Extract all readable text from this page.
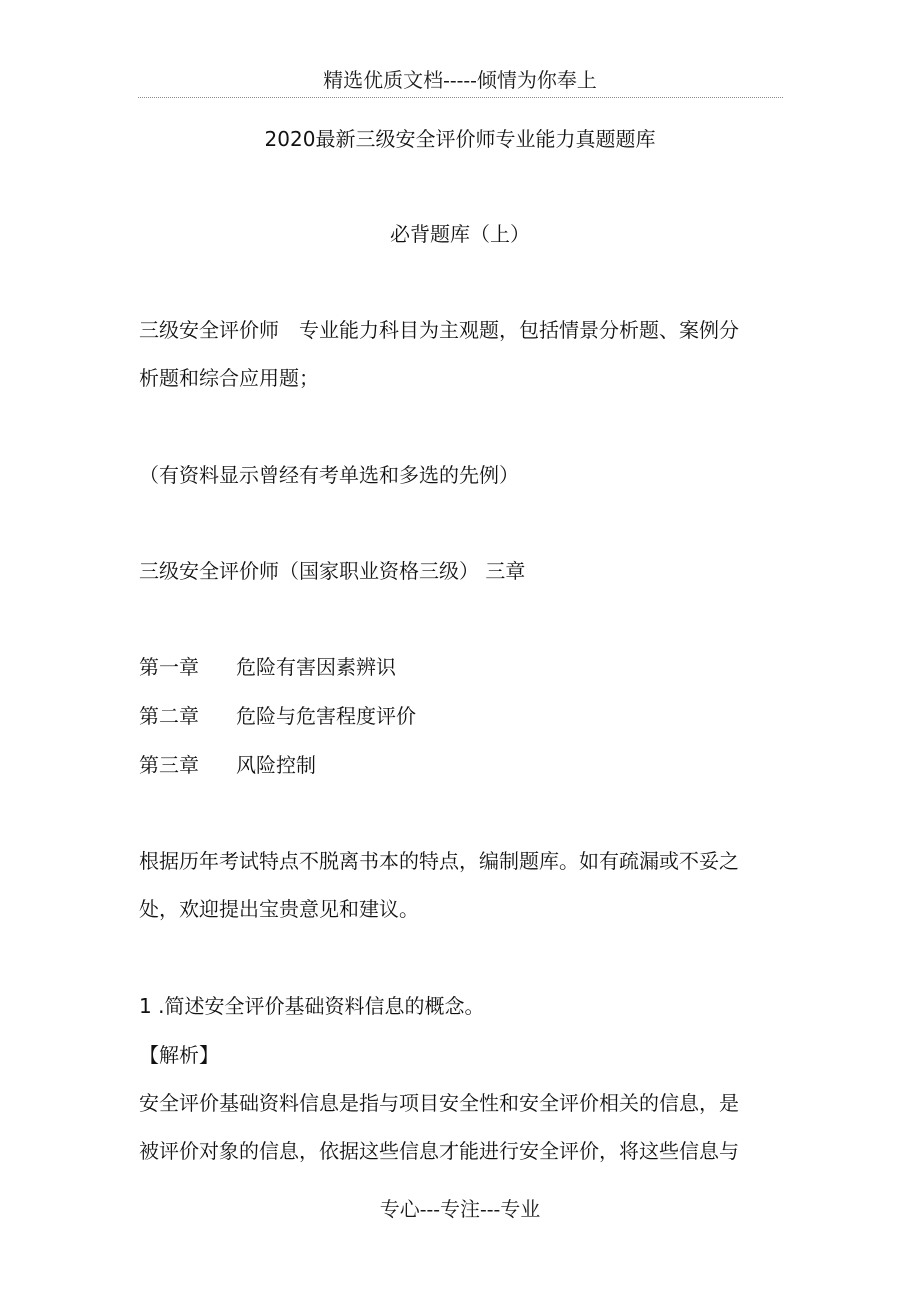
精选优质文档-----倾情为你奉上
2020最新三级安全评价师专业能力真题题库
必背题库（上）
三级安全评价师　专业能力科目为主观题，包括情景分析题、案例分
析题和综合应用题；
（有资料显示曾经有考单选和多选的先例）
三级安全评价师（国家职业资格三级） 三章
第一章 危险有害因素辨识
第二章 危险与危害程度评价
第三章 风险控制
根据历年考试特点不脱离书本的特点，编制题库。如有疏漏或不妥之
处，欢迎提出宝贵意见和建议。
1 .简述安全评价基础资料信息的概念。
【解析】
安全评价基础资料信息是指与项目安全性和安全评价相关的信息，是
被评价对象的信息，依据这些信息才能进行安全评价，将这些信息与
专心---专注---专业
